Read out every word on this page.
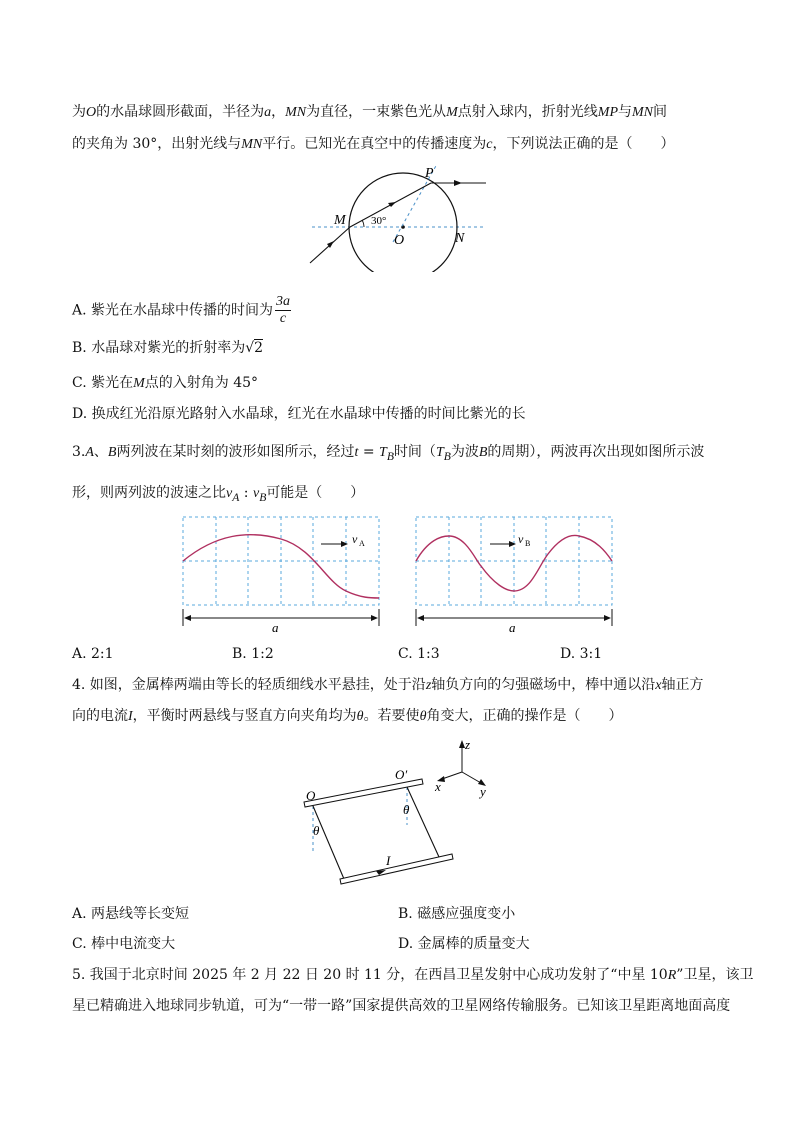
为O的水晶球圆形截面，半径为a，MN为直径，一束紫色光从M点射入球内，折射光线MP与MN间
的夹角为 30°，出射光线与MN平行。已知光在真空中的传播速度为c，下列说法正确的是（　　）
P
M
O	N
30°
A. 紫光在水晶球中传播的时间为 $\frac{3a}{c}$
B. 水晶球对紫光的折射率为√2
C. 紫光在M点的入射角为 45°
D. 换成红光沿原光路射入水晶球，红光在水晶球中传播的时间比紫光的长
3.A、B两列波在某时刻的波形如图所示，经过$t = T_B$时间（$T_B$为波B的周期），两波再次出现如图所示波
形，则两列波的波速之比$v_A$ : $v_B$可能是（　　）
v A
a
v B
a
A. 2:1	B. 1:2	C. 1:3	D. 3:1
4. 如图，金属棒两端由等长的轻质细线水平悬挂，处于沿z轴负方向的匀强磁场中，棒中通以沿x轴正方
向的电流I，平衡时两悬线与竖直方向夹角均为θ。若要使θ角变大，正确的操作是（　　）
z
x	y
O
O′
θ
θ
I
A. 两悬线等长变短	B. 磁感应强度变小
C. 棒中电流变大	D. 金属棒的质量变大
5. 我国于北京时间 2025 年 2 月 22 日 20 时 11 分，在西昌卫星发射中心成功发射了“中星 10R”卫星，该卫
星已精确进入地球同步轨道，可为“一带一路”国家提供高效的卫星网络传输服务。已知该卫星距离地面高度
